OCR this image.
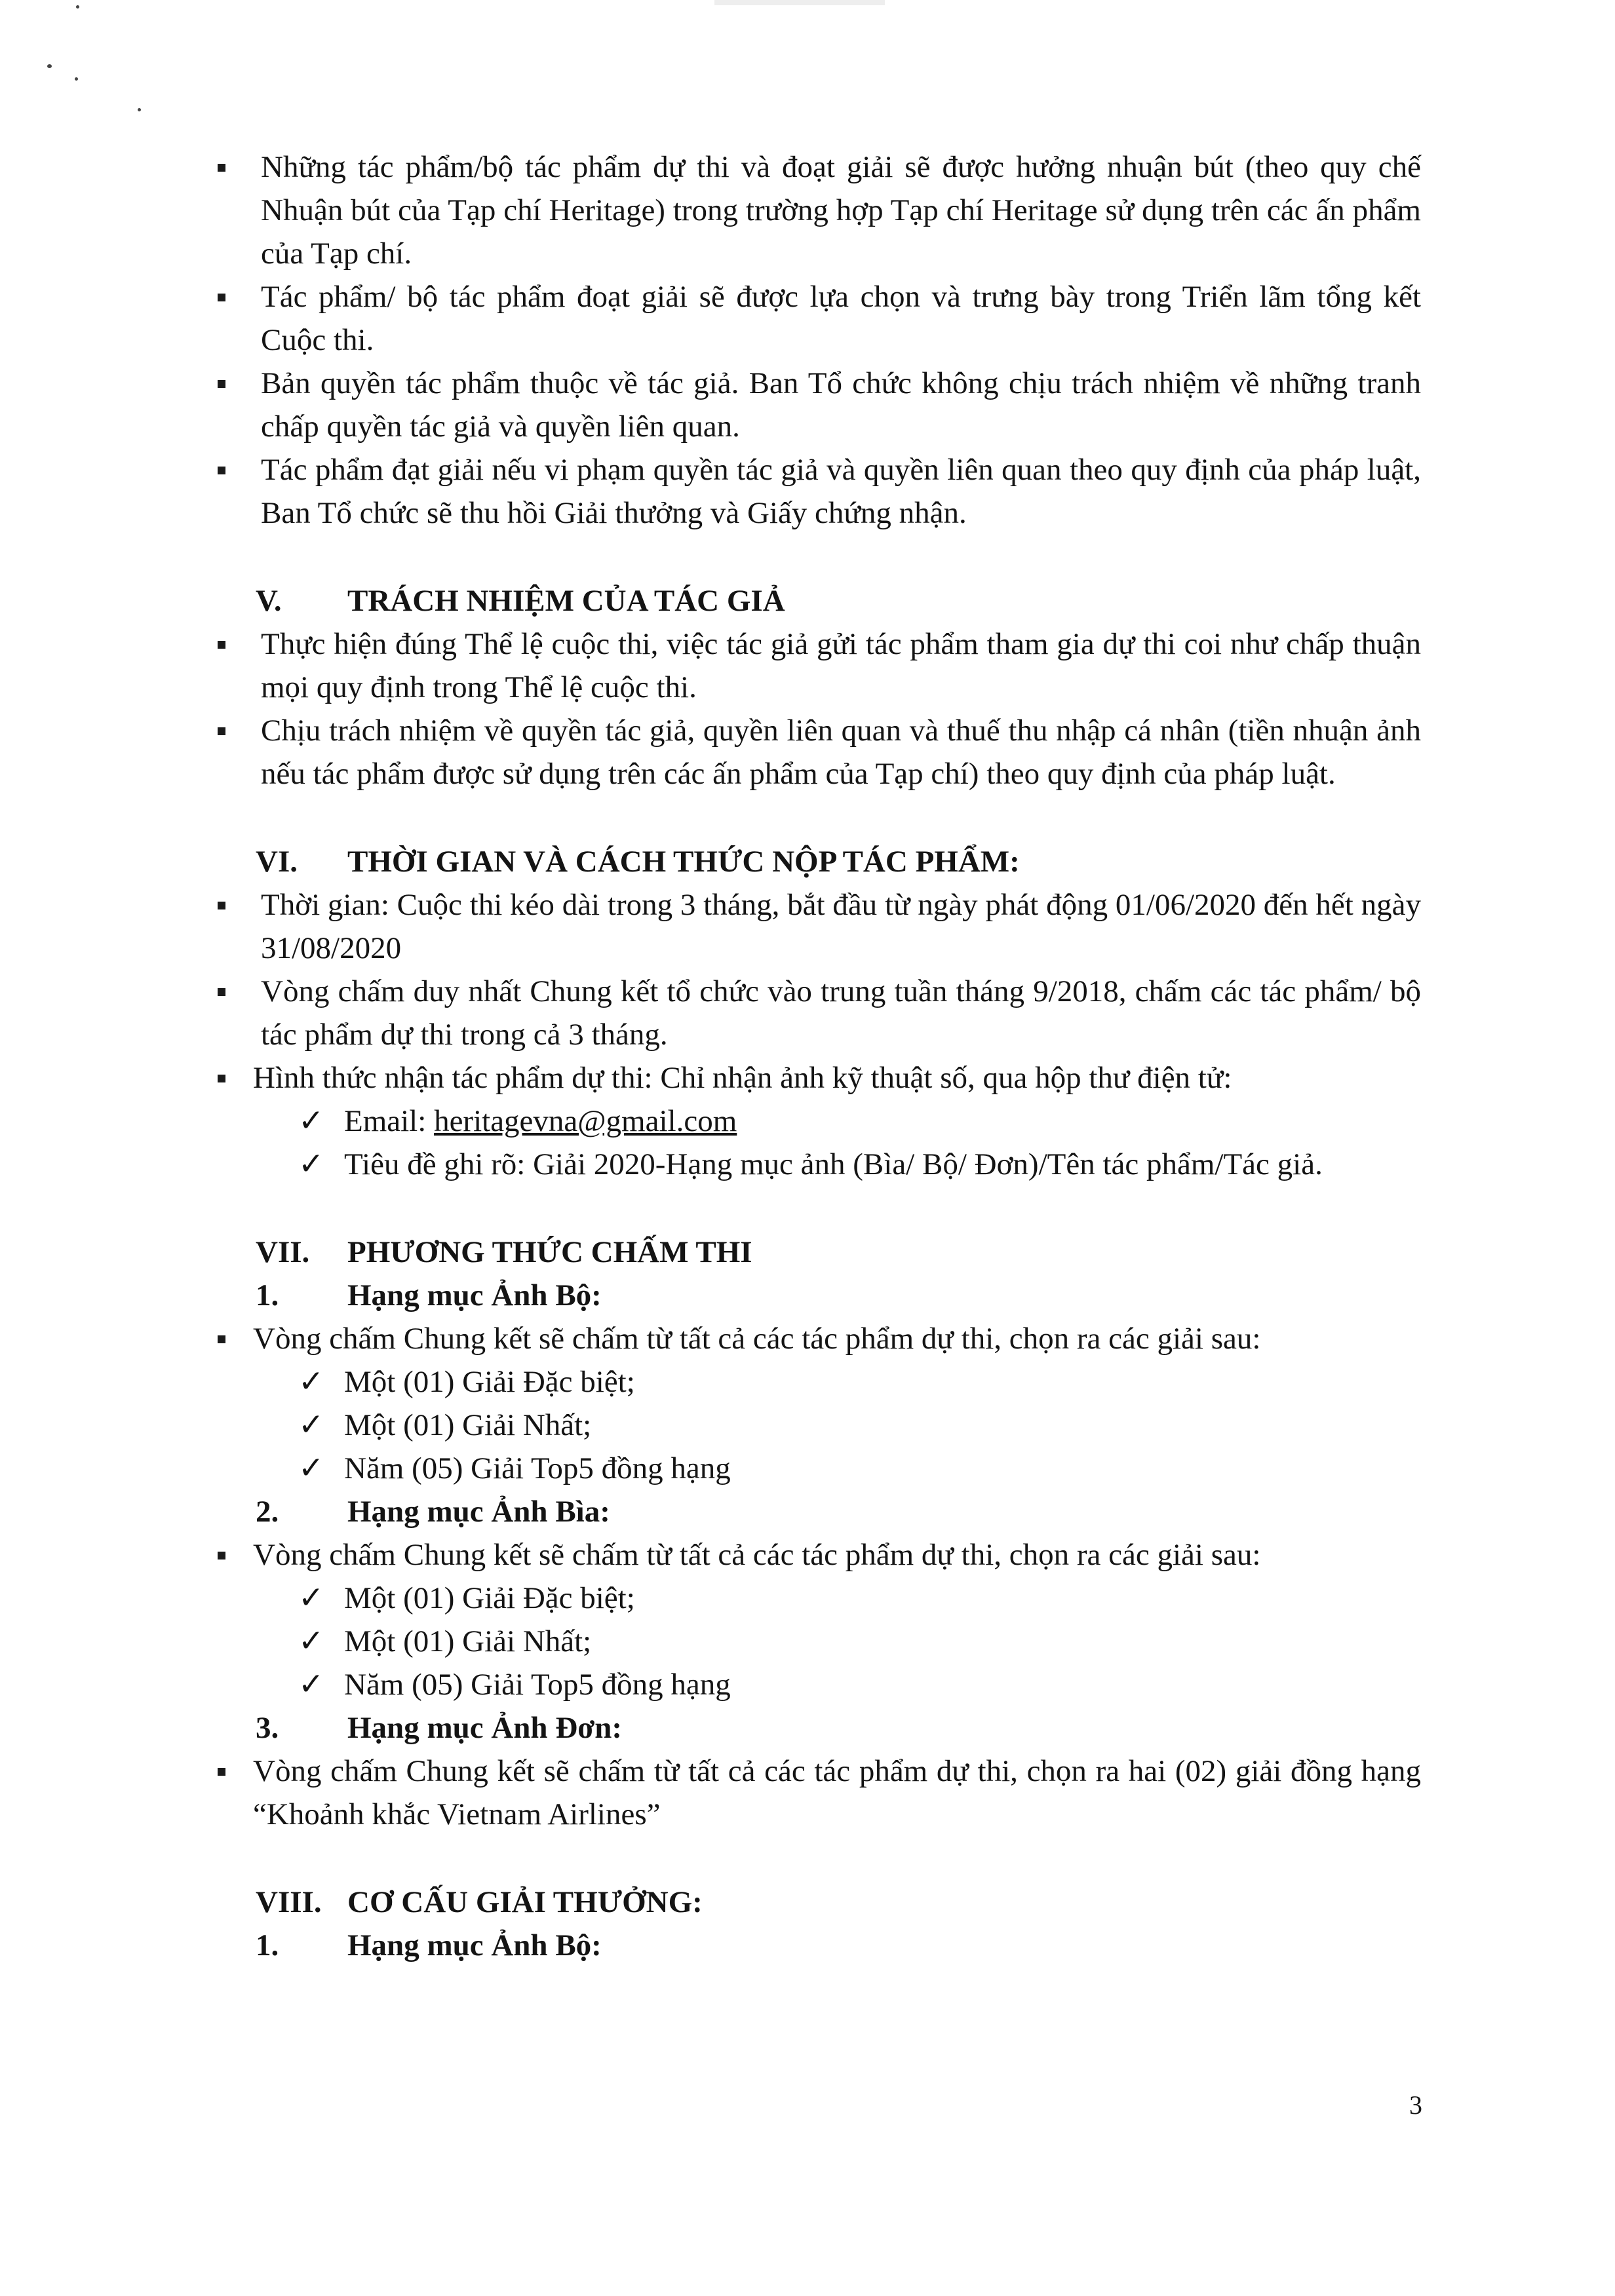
Những tác phẩm/bộ tác phẩm dự thi và đoạt giải sẽ được hưởng nhuận bút (theo quy chế Nhuận bút của Tạp chí Heritage) trong trường hợp Tạp chí Heritage sử dụng trên các ấn phẩm của Tạp chí.
Tác phẩm/ bộ tác phẩm đoạt giải sẽ được lựa chọn và trưng bày trong Triển lãm tổng kết Cuộc thi.
Bản quyền tác phẩm thuộc về tác giả. Ban Tổ chức không chịu trách nhiệm về những tranh chấp quyền tác giả và quyền liên quan.
Tác phẩm đạt giải nếu vi phạm quyền tác giả và quyền liên quan theo quy định của pháp luật, Ban Tổ chức sẽ thu hồi Giải thưởng và Giấy chứng nhận.
V. TRÁCH NHIỆM CỦA TÁC GIẢ
Thực hiện đúng Thể lệ cuộc thi, việc tác giả gửi tác phẩm tham gia dự thi coi như chấp thuận mọi quy định trong Thể lệ cuộc thi.
Chịu trách nhiệm về quyền tác giả, quyền liên quan và thuế thu nhập cá nhân (tiền nhuận ảnh nếu tác phẩm được sử dụng trên các ấn phẩm của Tạp chí) theo quy định của pháp luật.
VI. THỜI GIAN VÀ CÁCH THỨC NỘP TÁC PHẨM:
Thời gian: Cuộc thi kéo dài trong 3 tháng, bắt đầu từ ngày phát động 01/06/2020 đến hết ngày 31/08/2020
Vòng chấm duy nhất Chung kết tổ chức vào trung tuần tháng 9/2018, chấm các tác phẩm/ bộ tác phẩm dự thi trong cả 3 tháng.
Hình thức nhận tác phẩm dự thi: Chỉ nhận ảnh kỹ thuật số, qua hộp thư điện tử:
✓ Email: heritagevna@gmail.com
✓ Tiêu đề ghi rõ: Giải 2020-Hạng mục ảnh (Bìa/ Bộ/ Đơn)/Tên tác phẩm/Tác giả.
VII. PHƯƠNG THỨC CHẤM THI
1. Hạng mục Ảnh Bộ:
Vòng chấm Chung kết sẽ chấm từ tất cả các tác phẩm dự thi, chọn ra các giải sau:
✓ Một (01) Giải Đặc biệt;
✓ Một (01) Giải Nhất;
✓ Năm (05) Giải Top5 đồng hạng
2. Hạng mục Ảnh Bìa:
Vòng chấm Chung kết sẽ chấm từ tất cả các tác phẩm dự thi, chọn ra các giải sau:
✓ Một (01) Giải Đặc biệt;
✓ Một (01) Giải Nhất;
✓ Năm (05) Giải Top5 đồng hạng
3. Hạng mục Ảnh Đơn:
Vòng chấm Chung kết sẽ chấm từ tất cả các tác phẩm dự thi, chọn ra hai (02) giải đồng hạng “Khoảnh khắc Vietnam Airlines”
VIII. CƠ CẤU GIẢI THƯỞNG:
1. Hạng mục Ảnh Bộ:
3
